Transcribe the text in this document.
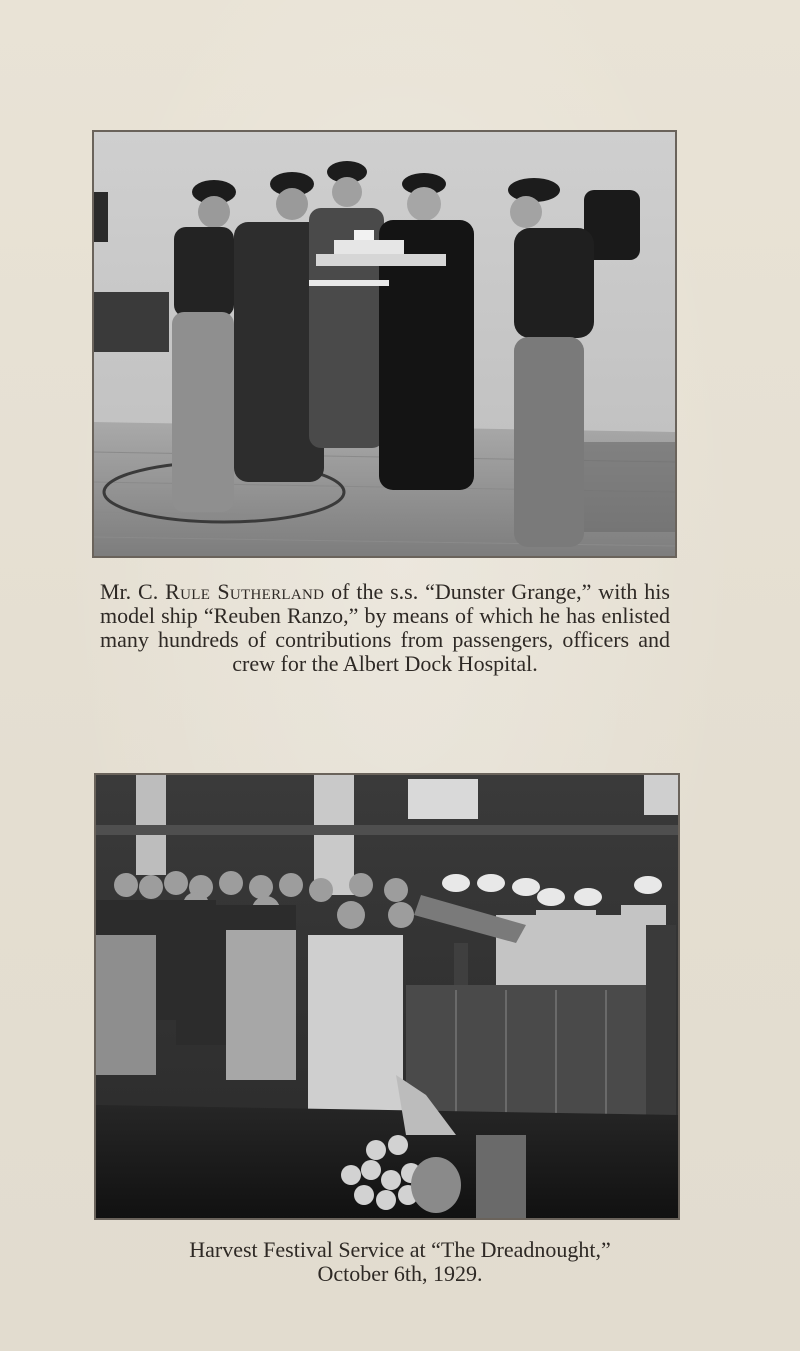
Mr. C. Rule Sutherland of the s.s. “Dunster Grange,” with his model ship “Reuben Ranzo,” by means of which he has enlisted many hundreds of contributions from passengers, officers and crew for the Albert Dock Hospital.
Harvest Festival Service at “The Dreadnought,”
October 6th, 1929.
